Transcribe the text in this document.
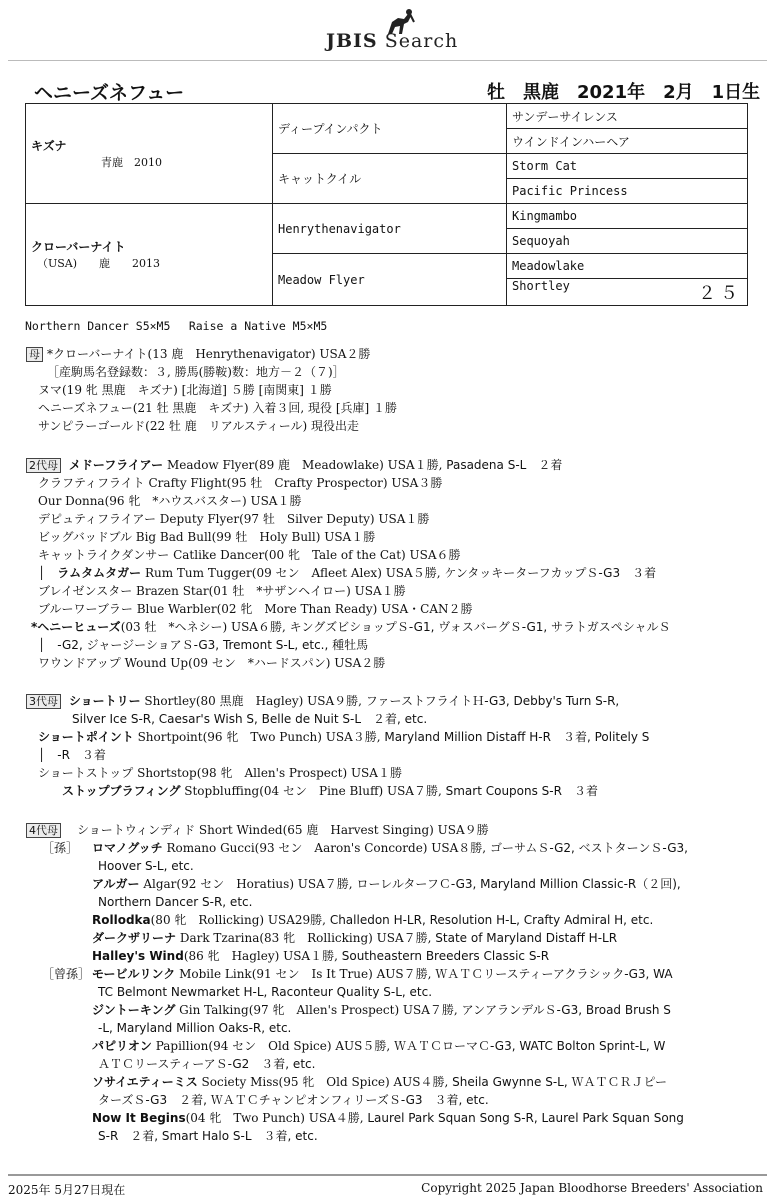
JBIS Search
ヘニーズネフュー	牡　黒鹿　2021年　2月　1日生
キズナ
青鹿　2010	ディープインパクト	サンデーサイレンス
		ウインドインハーヘア
	キャットクイル	Storm Cat
		Pacific Princess

クローバーナイト
（USA)　　鹿　　2013	Henrythenavigator	Kingmambo
		Sequoyah
	Meadow Flyer	Meadowlake
		Shortley ２５
Northern Dancer S5×M5　 Raise a Native M5×M5
母 *クローバーナイト(13 鹿　Henrythenavigator) USA２勝
［産駒馬名登録数：３, 勝馬(勝鞍)数：地方－２（７)］
ヌマ(19 牝 黒鹿　キズナ) [北海道] ５勝 [南関東] １勝
ヘニーズネフュー(21 牡 黒鹿　キズナ) 入着３回, 現役 [兵庫] １勝
サンピラーゴールド(22 牡 鹿　リアルスティール) 現役出走
2代母 メドーフライアー Meadow Flyer(89 鹿　Meadowlake) USA１勝, Pasadena S-L　２着
クラフティフライト Crafty Flight(95 牡　Crafty Prospector) USA３勝
Our Donna(96 牝　*ハウスバスター) USA１勝
デピュティフライアー Deputy Flyer(97 牡　Silver Deputy) USA１勝
ビッグバッドブル Big Bad Bull(99 牡　Holy Bull) USA１勝
キャットライクダンサー Catlike Dancer(00 牝　Tale of the Cat) USA６勝
│　ラムタムタガー Rum Tum Tugger(09 セン　Afleet Alex) USA５勝, ケンタッキーターフカップＳ-G3　３着
ブレイゼンスター Brazen Star(01 牡　*サザンヘイロー) USA１勝
ブルーワーブラー Blue Warbler(02 牝　More Than Ready) USA・CAN２勝
*ヘニーヒューズ(03 牡　*ヘネシー) USA６勝, キングズビショップＳ-G1, ヴォスバーグＳ-G1, サラトガスペシャルＳ
│　-G2, ジャージーショアＳ-G3, Tremont S-L, etc., 種牡馬
ワウンドアップ Wound Up(09 セン　*ハードスパン) USA２勝
3代母 ショートリー Shortley(80 黒鹿　Hagley) USA９勝, ファーストフライトＨ-G3, Debby's Turn S-R,
Silver Ice S-R, Caesar's Wish S, Belle de Nuit S-L　２着, etc.
ショートポイント Shortpoint(96 牝　Two Punch) USA３勝, Maryland Million Distaff H-R　３着, Politely S
│　-R　３着
ショートストップ Shortstop(98 牝　Allen's Prospect) USA１勝
ストップブラフィング Stopbluffing(04 セン　Pine Bluff) USA７勝, Smart Coupons S-R　３着
4代母　 ショートウィンディド Short Winded(65 鹿　Harvest Singing) USA９勝
［孫］ ロマノグッチ Romano Gucci(93 セン　Aaron's Concorde) USA８勝, ゴーサムＳ-G2, ベストターンＳ-G3,
Hoover S-L, etc.
アルガー Algar(92 セン　Horatius) USA７勝, ローレルターフＣ-G3, Maryland Million Classic-R（２回),
Northern Dancer S-R, etc.
Rollodka(80 牝　Rollicking) USA29勝, Challedon H-LR, Resolution H-L, Crafty Admiral H, etc.
ダークザリーナ Dark Tzarina(83 牝　Rollicking) USA７勝, State of Maryland Distaff H-LR
Halley's Wind(86 牝　Hagley) USA１勝, Southeastern Breeders Classic S-R
［曾孫］ モービルリンク Mobile Link(91 セン　Is It True) AUS７勝, ＷＡＴＣリースティーアクラシック-G3, WA
TC Belmont Newmarket H-L, Raconteur Quality S-L, etc.
ジントーキング Gin Talking(97 牝　Allen's Prospect) USA７勝, アンアランデルＳ-G3, Broad Brush S
-L, Maryland Million Oaks-R, etc.
パピリオン Papillion(94 セン　Old Spice) AUS５勝, ＷＡＴＣローマＣ-G3, WATC Bolton Sprint-L, W
ＡＴＣリースティーアＳ-G2　３着, etc.
ソサイエティーミス Society Miss(95 牝　Old Spice) AUS４勝, Sheila Gwynne S-L, ＷＡＴＣＲＪピー
ターズＳ-G3　２着, ＷＡＴＣチャンピオンフィリーズＳ-G3　３着, etc.
Now It Begins(04 牝　Two Punch) USA４勝, Laurel Park Squan Song S-R, Laurel Park Squan Song
S-R　２着, Smart Halo S-L　３着, etc.
2025年 5月27日現在	Copyright 2025 Japan Bloodhorse Breeders' Association
